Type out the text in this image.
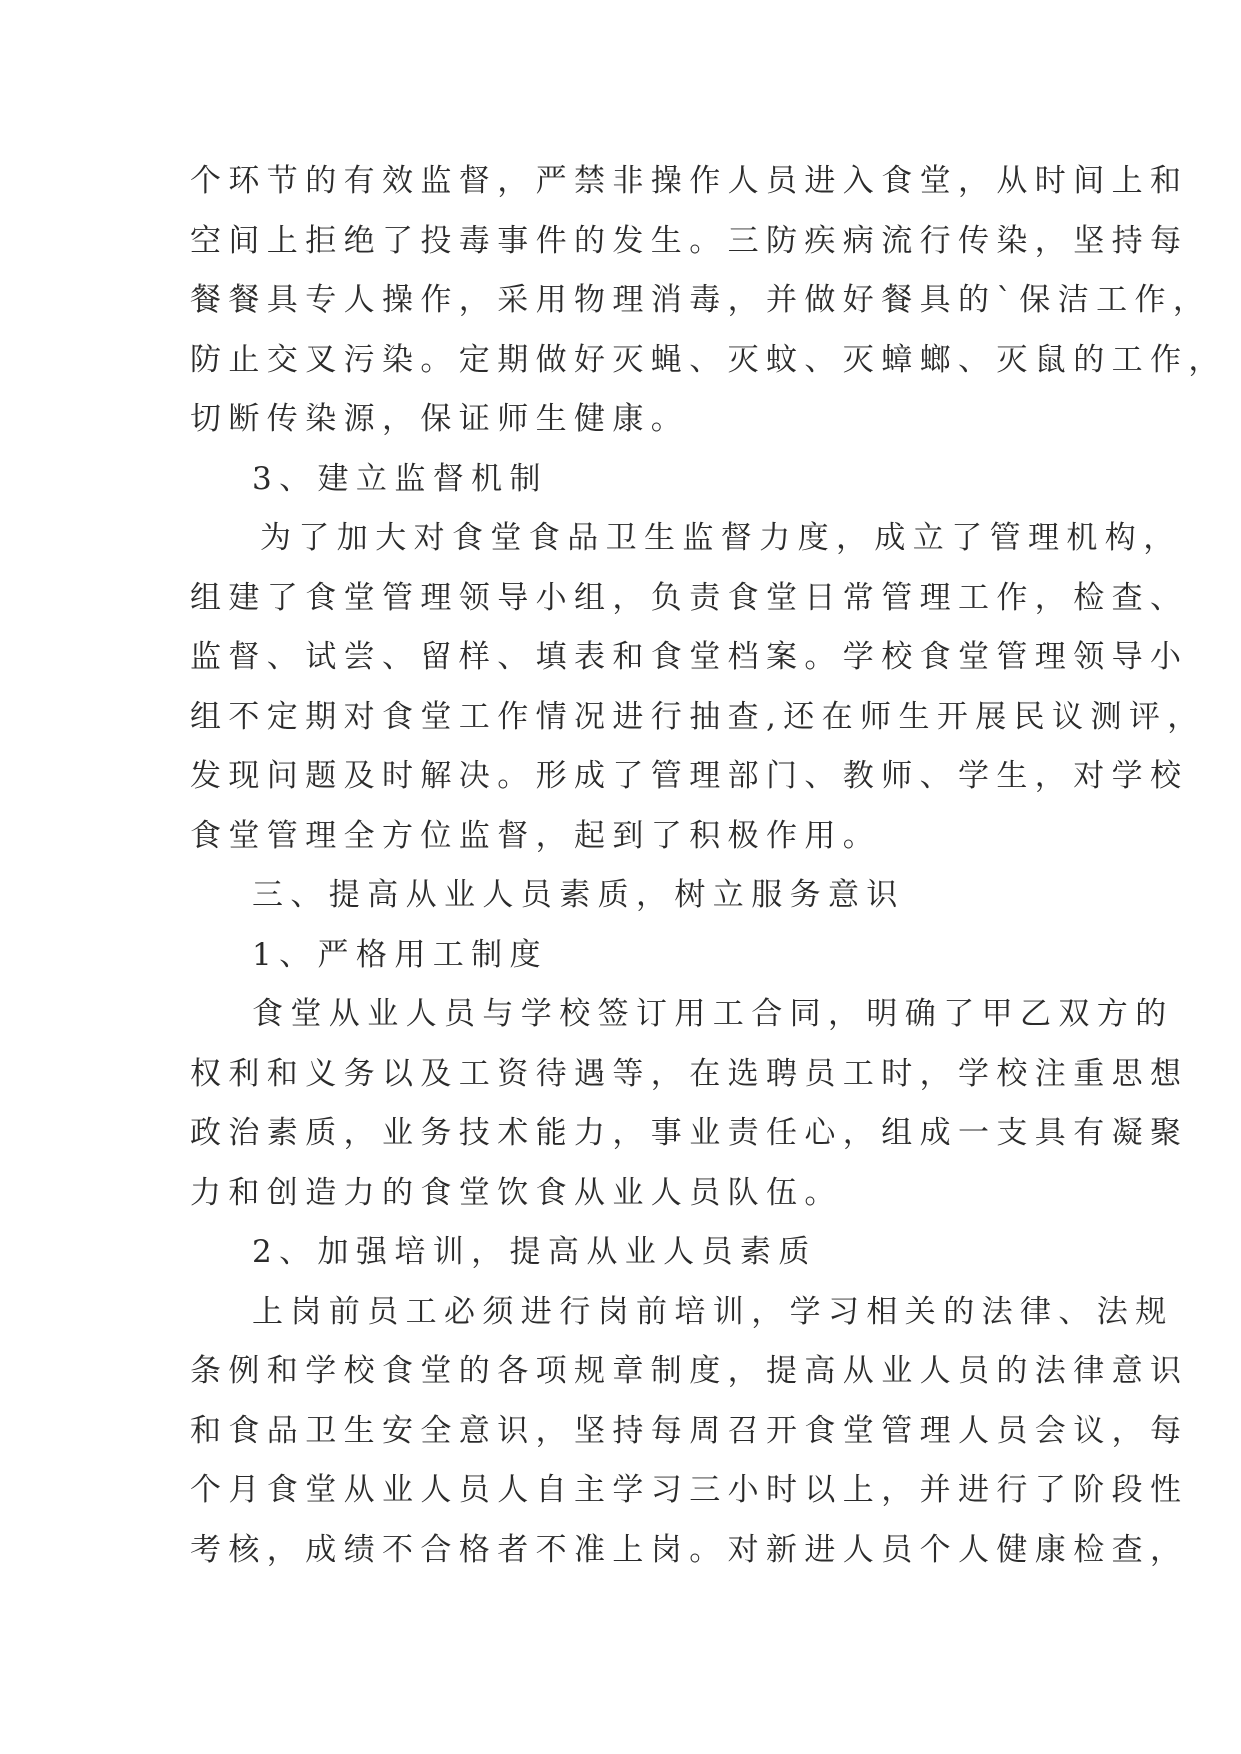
个环节的有效监督，严禁非操作人员进入食堂，从时间上和
空间上拒绝了投毒事件的发生。三防疾病流行传染，坚持每
餐餐具专人操作，采用物理消毒，并做好餐具的`保洁工作，
防止交叉污染。定期做好灭蝇、灭蚊、灭蟑螂、灭鼠的工作，
切断传染源，保证师生健康。
3、建立监督机制
为了加大对食堂食品卫生监督力度，成立了管理机构，
组建了食堂管理领导小组，负责食堂日常管理工作，检查、
监督、试尝、留样、填表和食堂档案。学校食堂管理领导小
组不定期对食堂工作情况进行抽查,还在师生开展民议测评，
发现问题及时解决。形成了管理部门、教师、学生，对学校
食堂管理全方位监督，起到了积极作用。
三、提高从业人员素质，树立服务意识
1、严格用工制度
食堂从业人员与学校签订用工合同，明确了甲乙双方的
权利和义务以及工资待遇等，在选聘员工时，学校注重思想
政治素质，业务技术能力，事业责任心，组成一支具有凝聚
力和创造力的食堂饮食从业人员队伍。
2、加强培训，提高从业人员素质
上岗前员工必须进行岗前培训，学习相关的法律、法规
条例和学校食堂的各项规章制度，提高从业人员的法律意识
和食品卫生安全意识，坚持每周召开食堂管理人员会议，每
个月食堂从业人员人自主学习三小时以上，并进行了阶段性
考核，成绩不合格者不准上岗。对新进人员个人健康检查，
